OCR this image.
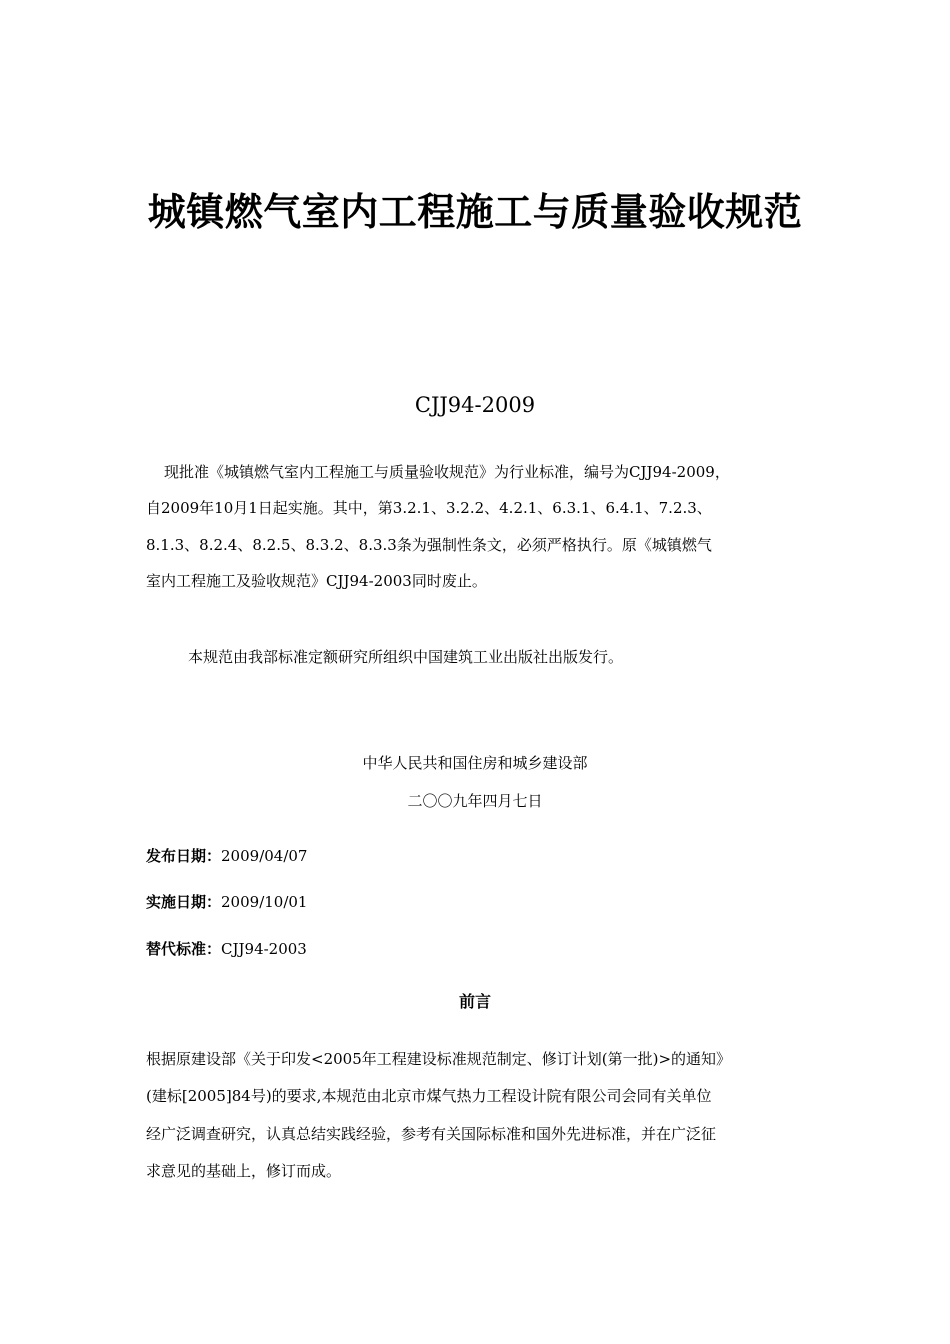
城镇燃气室内工程施工与质量验收规范
CJJ94-2009
现批准《城镇燃气室内工程施工与质量验收规范》为行业标准，编号为CJJ94-2009，
自2009年10月1日起实施。其中，第3.2.1、3.2.2、4.2.1、6.3.1、6.4.1、7.2.3、
8.1.3、8.2.4、8.2.5、8.3.2、8.3.3条为强制性条文，必须严格执行。原《城镇燃气
室内工程施工及验收规范》CJJ94-2003同时废止。
本规范由我部标准定额研究所组织中国建筑工业出版社出版发行。
中华人民共和国住房和城乡建设部
二〇〇九年四月七日
发布日期：2009/04/07
实施日期：2009/10/01
替代标准：CJJ94-2003
前言
根据原建设部《关于印发<2005年工程建设标准规范制定、修订计划(第一批)>的通知》
(建标[2005]84号)的要求,本规范由北京市煤气热力工程设计院有限公司会同有关单位
经广泛调查研究，认真总结实践经验，参考有关国际标准和国外先进标准，并在广泛征
求意见的基础上，修订而成。
